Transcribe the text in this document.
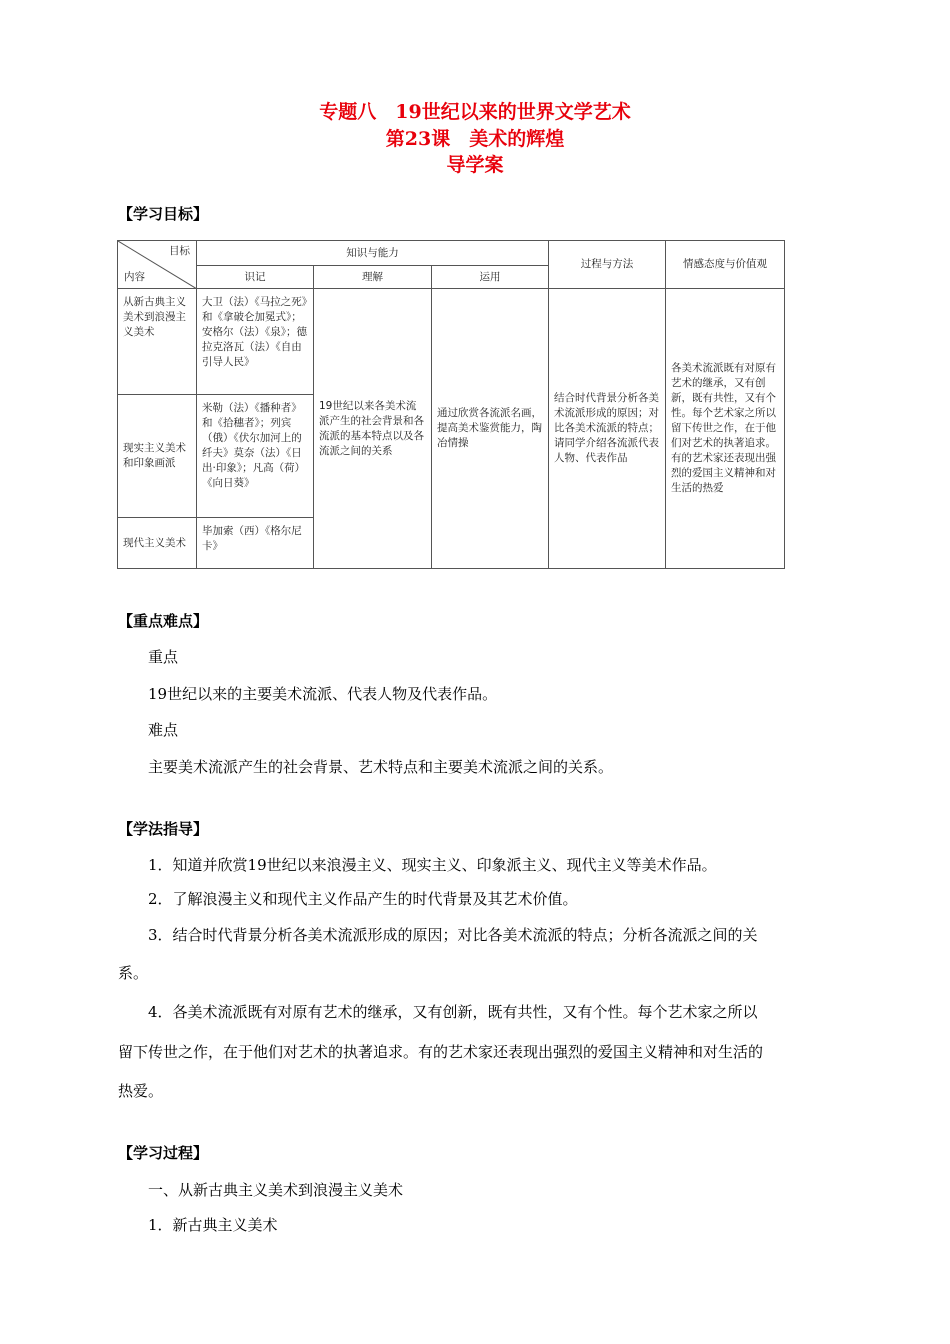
专题八　19世纪以来的世界文学艺术
第23课　美术的辉煌
导学案
【学习目标】
目标
内容	知识与能力			过程与方法	情感态度与价值观
	识记	理解	运用		
从新古典主义美术到浪漫主义美术	大卫（法）《马拉之死》和《拿破仑加冕式》；安格尔（法）《泉》；德拉克洛瓦（法）《自由引导人民》	19世纪以来各美术流派产生的社会背景和各流派的基本特点以及各流派之间的关系	通过欣赏各流派名画，提高美术鉴赏能力，陶冶情操	结合时代背景分析各美术流派形成的原因；对比各美术流派的特点；请同学介绍各流派代表人物、代表作品	各美术流派既有对原有艺术的继承，又有创新，既有共性，又有个性。每个艺术家之所以留下传世之作，在于他们对艺术的执著追求。有的艺术家还表现出强烈的爱国主义精神和对生活的热爱
现实主义美术和印象画派	米勒（法）《播种者》和《拾穗者》；列宾（俄）《伏尔加河上的纤夫》莫奈（法）《日出·印象》；凡高（荷）《向日葵》				
现代主义美术	毕加索（西）《格尔尼卡》				
【重点难点】
重点
19世纪以来的主要美术流派、代表人物及代表作品。
难点
主要美术流派产生的社会背景、艺术特点和主要美术流派之间的关系。
【学法指导】
1．知道并欣赏19世纪以来浪漫主义、现实主义、印象派主义、现代主义等美术作品。
2．了解浪漫主义和现代主义作品产生的时代背景及其艺术价值。
3．结合时代背景分析各美术流派形成的原因；对比各美术流派的特点；分析各流派之间的关
系。
4．各美术流派既有对原有艺术的继承，又有创新，既有共性，又有个性。每个艺术家之所以
留下传世之作，在于他们对艺术的执著追求。有的艺术家还表现出强烈的爱国主义精神和对生活的
热爱。
【学习过程】
一、从新古典主义美术到浪漫主义美术
1．新古典主义美术
